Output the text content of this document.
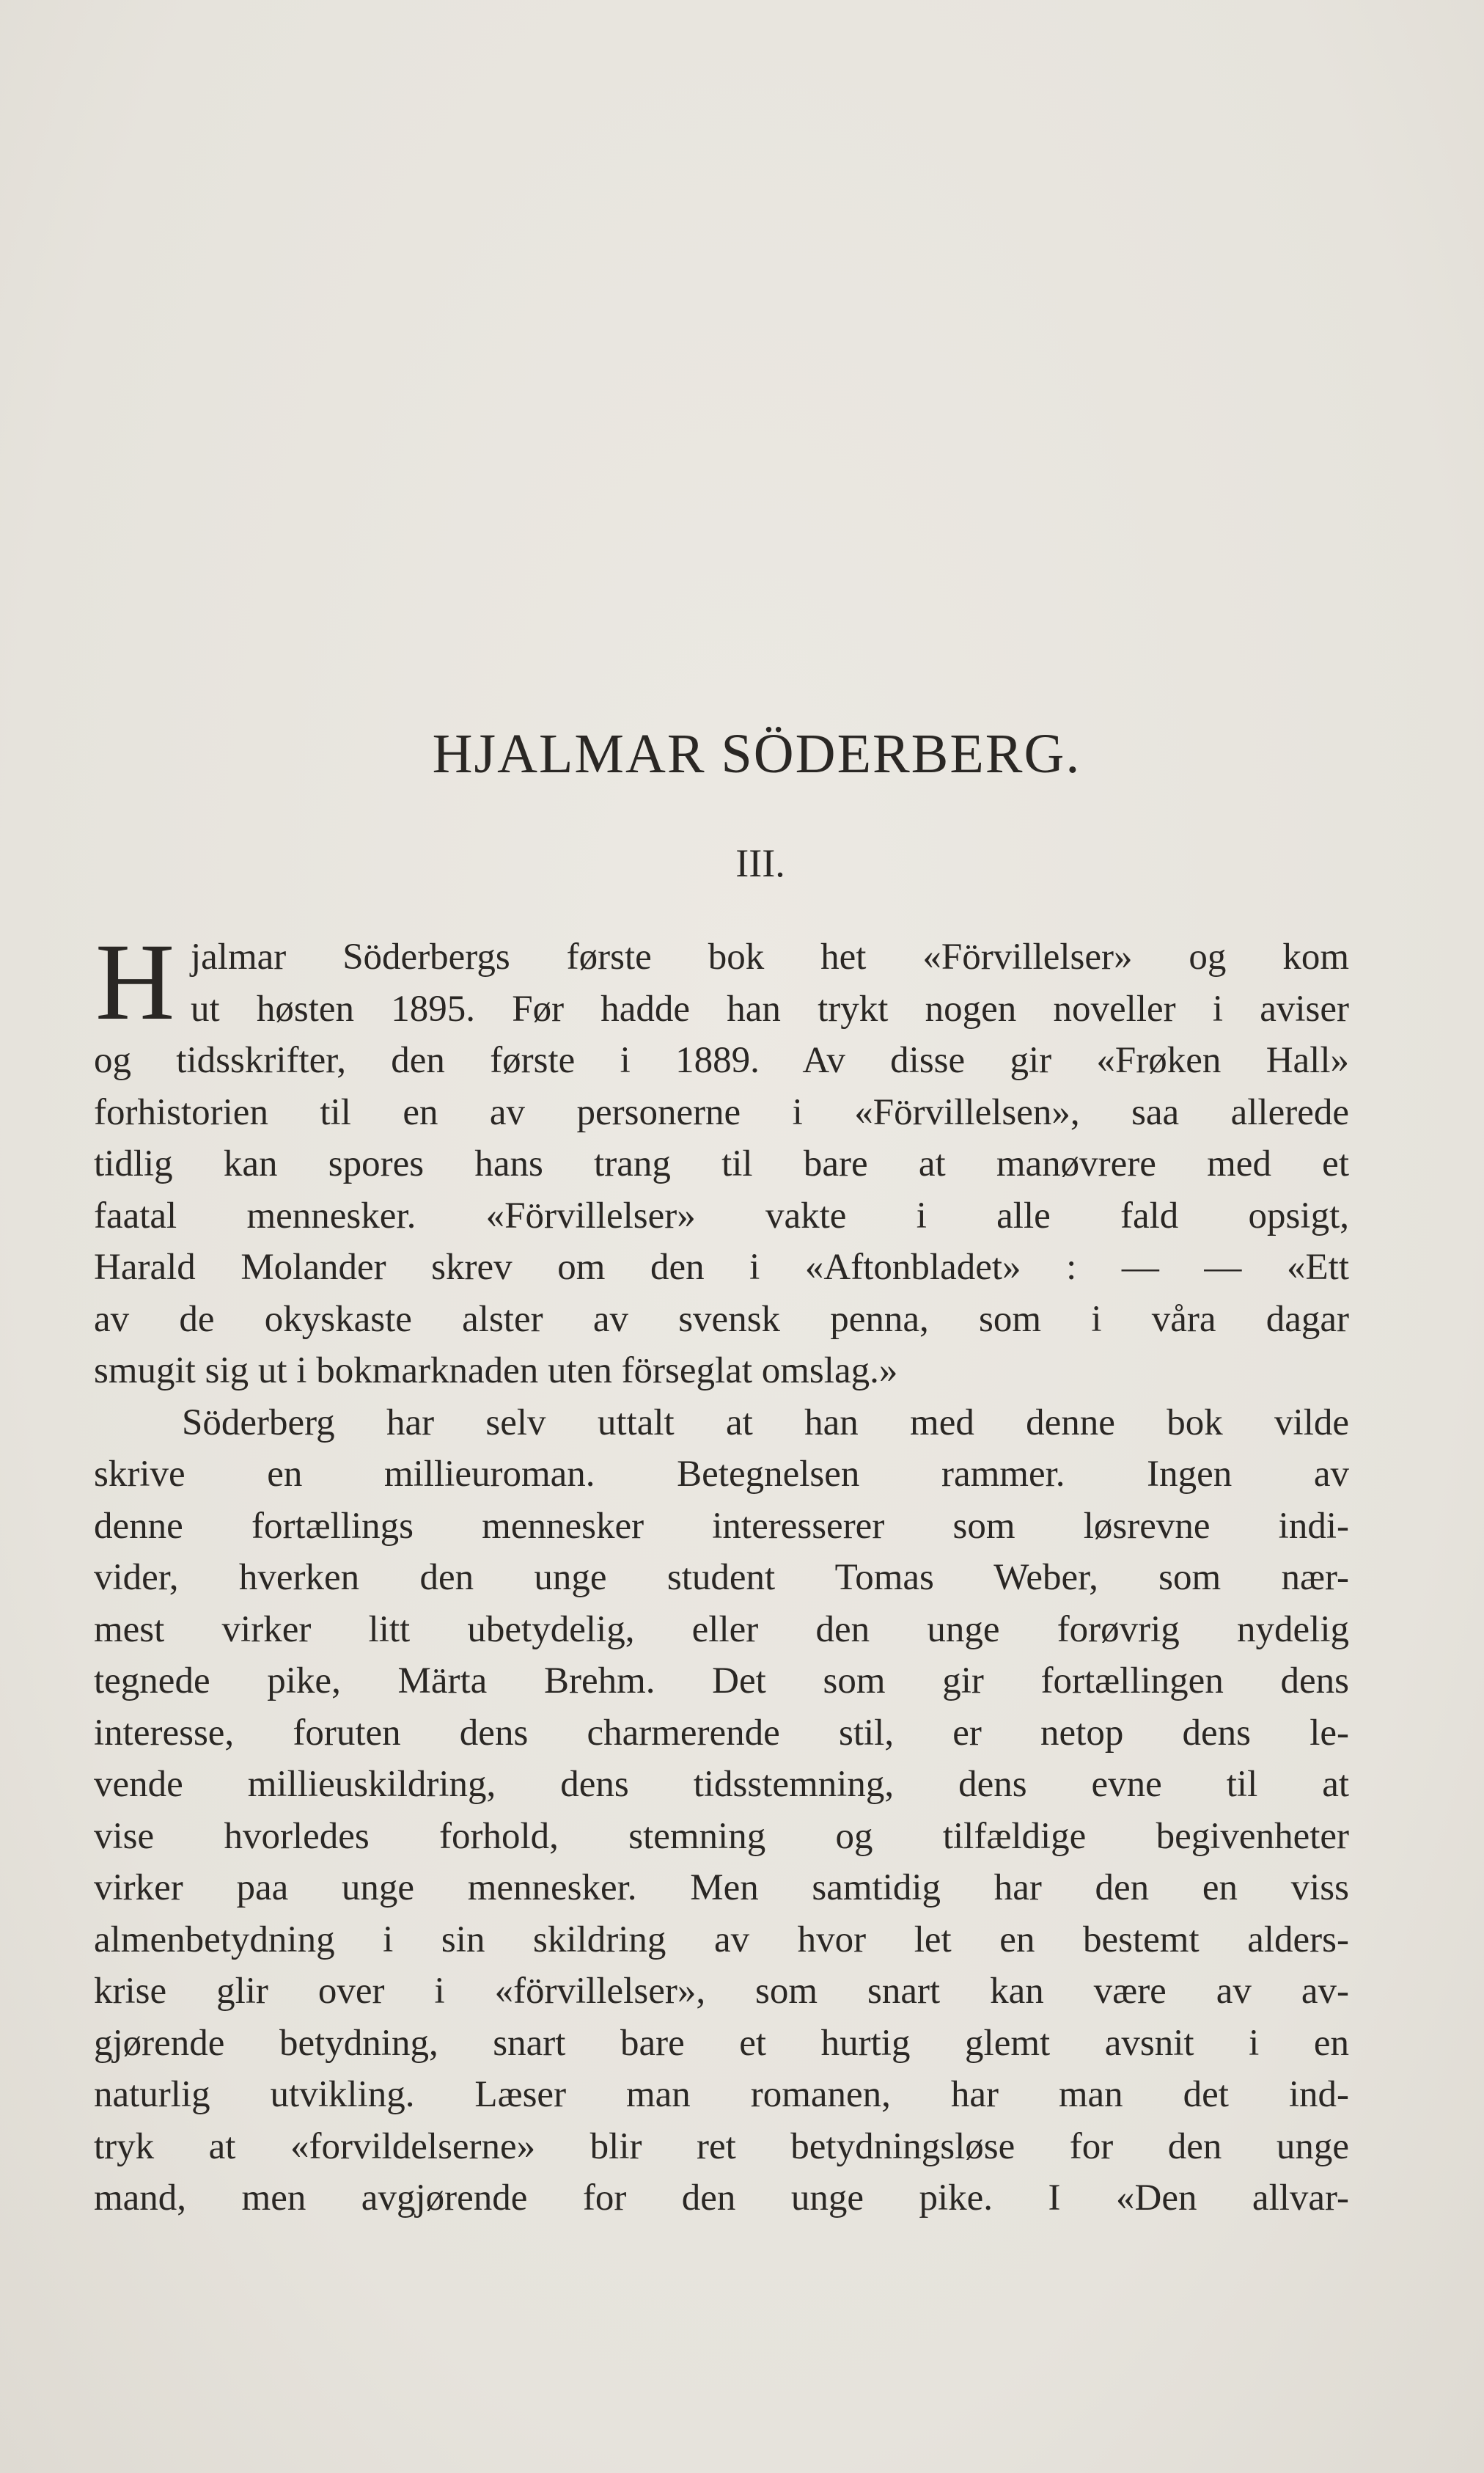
HJALMAR SÖDERBERG.
III.
H jalmar Söderbergs første bok het «Förvillelser» og kom
ut høsten 1895. Før hadde han trykt nogen noveller i aviser
og tidsskrifter, den første i 1889. Av disse gir «Frøken Hall»
forhistorien til en av personerne i «Förvillelsen», saa allerede
tidlig kan spores hans trang til bare at manøvrere med et
faatal mennesker. «Förvillelser» vakte i alle fald opsigt,
Harald Molander skrev om den i «Aftonbladet» : — — «Ett
av de okyskaste alster av svensk penna, som i våra dagar
smugit sig ut i bokmarknaden uten förseglat omslag.»
Söderberg har selv uttalt at han med denne bok vilde
skrive en millieuroman. Betegnelsen rammer. Ingen av
denne fortællings mennesker interesserer som løsrevne indi-
vider, hverken den unge student Tomas Weber, som nær-
mest virker litt ubetydelig, eller den unge forøvrig nydelig
tegnede pike, Märta Brehm. Det som gir fortællingen dens
interesse, foruten dens charmerende stil, er netop dens le-
vende millieuskildring, dens tidsstemning, dens evne til at
vise hvorledes forhold, stemning og tilfældige begivenheter
virker paa unge mennesker. Men samtidig har den en viss
almenbetydning i sin skildring av hvor let en bestemt alders-
krise glir over i «förvillelser», som snart kan være av av-
gjørende betydning, snart bare et hurtig glemt avsnit i en
naturlig utvikling. Læser man romanen, har man det ind-
tryk at «forvildelserne» blir ret betydningsløse for den unge
mand, men avgjørende for den unge pike. I «Den allvar-
